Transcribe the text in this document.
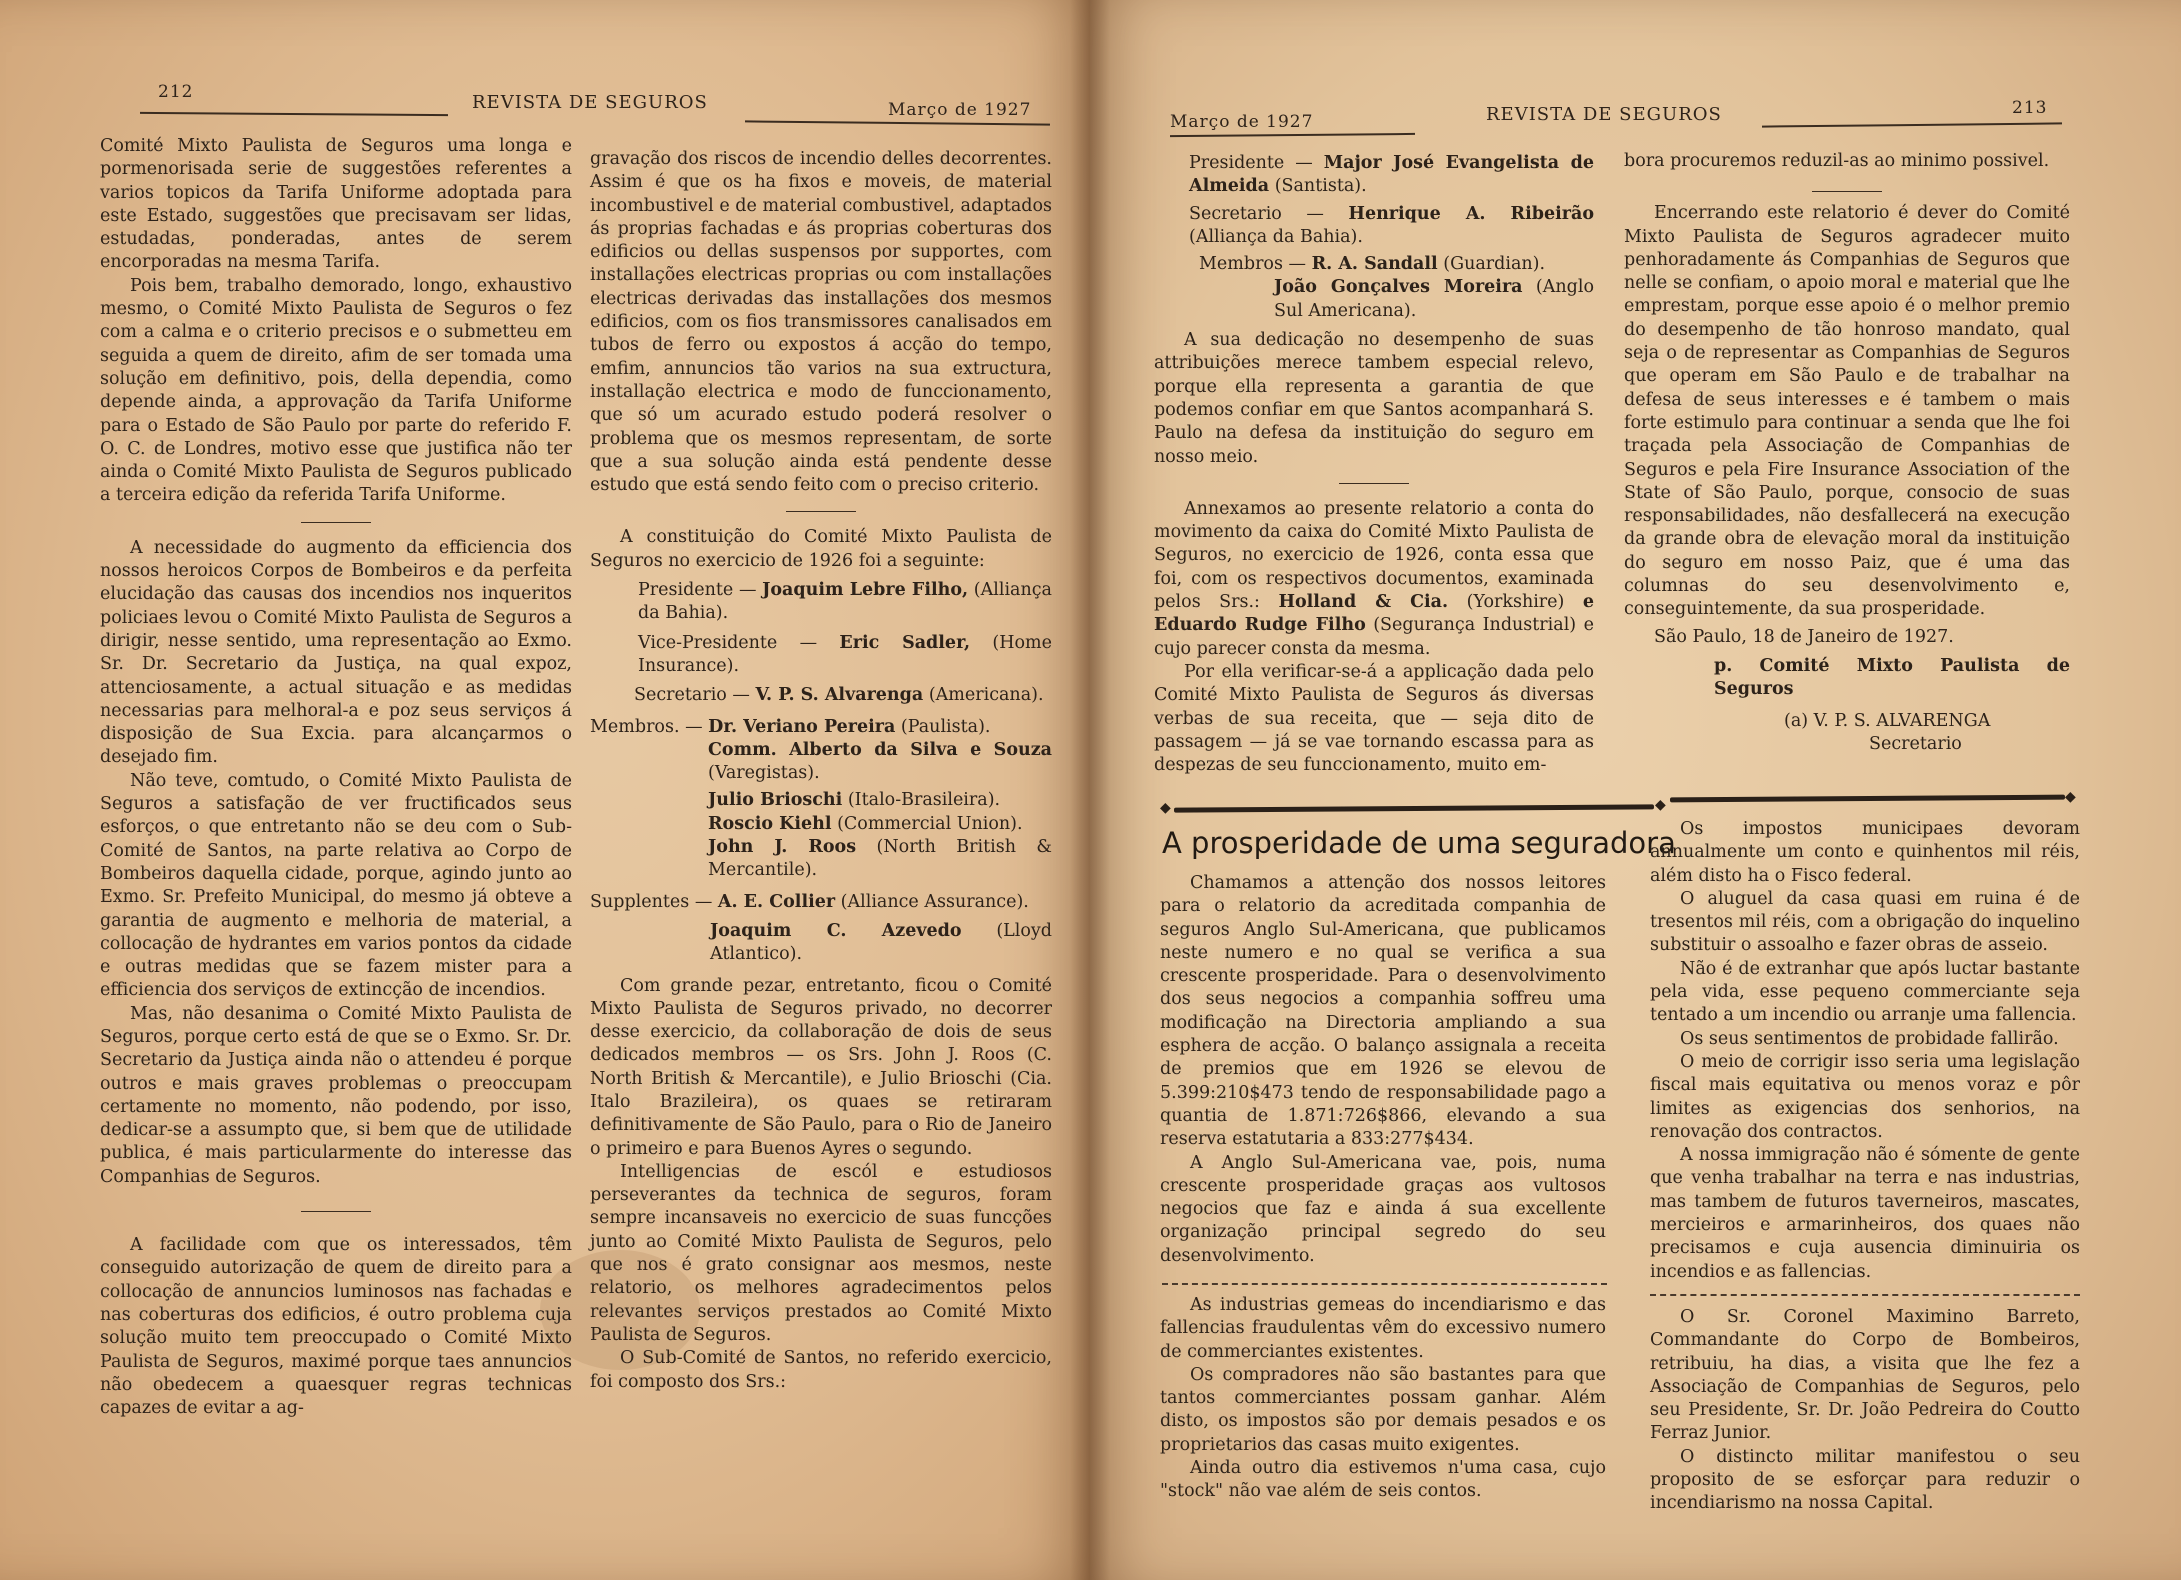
212	REVISTA DE SEGUROS	Março de 1927

Comité Mixto Paulista de Seguros uma longa e pormenorisada serie de suggestões referentes a varios topicos da Tarifa Uniforme adoptada para este Estado, suggestões que precisavam ser lidas, estudadas, ponderadas, antes de serem encorporadas na mesma Tarifa.

Pois bem, trabalho demorado, longo, exhaustivo mesmo, o Comité Mixto Paulista de Seguros o fez com a calma e o criterio precisos e o submetteu em seguida a quem de direito, afim de ser tomada uma solução em definitivo, pois, della dependia, como depende ainda, a approvação da Tarifa Uniforme para o Estado de São Paulo por parte do referido F. O. C. de Londres, motivo esse que justifica não ter ainda o Comité Mixto Paulista de Seguros publicado a terceira edição da referida Tarifa Uniforme.

A necessidade do augmento da efficiencia dos nossos heroicos Corpos de Bombeiros e da perfeita elucidação das causas dos incendios nos inqueritos policiaes levou o Comité Mixto Paulista de Seguros a dirigir, nesse sentido, uma representação ao Exmo. Sr. Dr. Secretario da Justiça, na qual expoz, attenciosamente, a actual situação e as medidas necessarias para melhoral-a e poz seus serviços á disposição de Sua Excia. para alcançarmos o desejado fim.

Não teve, comtudo, o Comité Mixto Paulista de Seguros a satisfação de ver fructificados seus esforços, o que entretanto não se deu com o Sub-Comité de Santos, na parte relativa ao Corpo de Bombeiros daquella cidade, porque, agindo junto ao Exmo. Sr. Prefeito Municipal, do mesmo já obteve a garantia de augmento e melhoria de material, a collocação de hydrantes em varios pontos da cidade e outras medidas que se fazem mister para a efficiencia dos serviços de extincção de incendios.

Mas, não desanima o Comité Mixto Paulista de Seguros, porque certo está de que se o Exmo. Sr. Dr. Secretario da Justiça ainda não o attendeu é porque outros e mais graves problemas o preoccupam certamente no momento, não podendo, por isso, dedicar-se a assumpto que, si bem que de utilidade publica, é mais particularmente do interesse das Companhias de Seguros.

A facilidade com que os interessados, têm conseguido autorização de quem de direito para a collocação de annuncios luminosos nas fachadas e nas coberturas dos edificios, é outro problema cuja solução muito tem preoccupado o Comité Mixto Paulista de Seguros, maximé porque taes annuncios não obedecem a quaesquer regras technicas capazes de evitar a ag-

gravação dos riscos de incendio delles decorrentes. Assim é que os ha fixos e moveis, de material incombustivel e de material combustivel, adaptados ás proprias fachadas e ás proprias coberturas dos edificios ou dellas suspensos por supportes, com installações electricas proprias ou com installações electricas derivadas das installações dos mesmos edificios, com os fios transmissores canalisados em tubos de ferro ou expostos á acção do tempo, emfim, annuncios tão varios na sua extructura, installação electrica e modo de funccionamento, que só um acurado estudo poderá resolver o problema que os mesmos representam, de sorte que a sua solução ainda está pendente desse estudo que está sendo feito com o preciso criterio.

A constituição do Comité Mixto Paulista de Seguros no exercicio de 1926 foi a seguinte:

Presidente — Joaquim Lebre Filho, (Alliança da Bahia).

Vice-Presidente — Eric Sadler, (Home Insurance).

Secretario — V. P. S. Alvarenga (Americana).

Membros. — Dr. Veriano Pereira (Paulista).

Comm. Alberto da Silva e Souza (Varegistas).

Julio Brioschi (Italo-Brasileira).

Roscio Kiehl (Commercial Union).

John J. Roos (North British & Mercantile).

Supplentes — A. E. Collier (Alliance Assurance).

Joaquim C. Azevedo (Lloyd Atlantico).

Com grande pezar, entretanto, ficou o Comité Mixto Paulista de Seguros privado, no decorrer desse exercicio, da collaboração de dois de seus dedicados membros — os Srs. John J. Roos (C. North British & Mercantile), e Julio Brioschi (Cia. Italo Brazileira), os quaes se retiraram definitivamente de São Paulo, para o Rio de Janeiro o primeiro e para Buenos Ayres o segundo.

Intelligencias de escól e estudiosos perseverantes da technica de seguros, foram sempre incansaveis no exercicio de suas funcções junto ao Comité Mixto Paulista de Seguros, pelo que nos é grato consignar aos mesmos, neste relatorio, os melhores agradecimentos pelos relevantes serviços prestados ao Comité Mixto Paulista de Seguros.

O Sub-Comité de Santos, no referido exercicio, foi composto dos Srs.:

Março de 1927	REVISTA DE SEGUROS	213

Presidente — Major José Evangelista de Almeida (Santista).

Secretario — Henrique A. Ribeirão (Alliança da Bahia).

Membros — R. A. Sandall (Guardian).

João Gonçalves Moreira (Anglo Sul Americana).

A sua dedicação no desempenho de suas attribuições merece tambem especial relevo, porque ella representa a garantia de que podemos confiar em que Santos acompanhará S. Paulo na defesa da instituição do seguro em nosso meio.

Annexamos ao presente relatorio a conta do movimento da caixa do Comité Mixto Paulista de Seguros, no exercicio de 1926, conta essa que foi, com os respectivos documentos, examinada pelos Srs.: Holland & Cia. (Yorkshire) e Eduardo Rudge Filho (Segurança Industrial) e cujo parecer consta da mesma.

Por ella verificar-se-á a applicação dada pelo Comité Mixto Paulista de Seguros ás diversas verbas de sua receita, que — seja dito de passagem — já se vae tornando escassa para as despezas de seu funccionamento, muito em-

bora procuremos reduzil-as ao minimo possivel.

Encerrando este relatorio é dever do Comité Mixto Paulista de Seguros agradecer muito penhoradamente ás Companhias de Seguros que nelle se confiam, o apoio moral e material que lhe emprestam, porque esse apoio é o melhor premio do desempenho de tão honroso mandato, qual seja o de representar as Companhias de Seguros que operam em São Paulo e de trabalhar na defesa de seus interesses e é tambem o mais forte estimulo para continuar a senda que lhe foi traçada pela Associação de Companhias de Seguros e pela Fire Insurance Association of the State of São Paulo, porque, consocio de suas responsabilidades, não desfallecerá na execução da grande obra de elevação moral da instituição do seguro em nosso Paiz, que é uma das columnas do seu desenvolvimento e, conseguintemente, da sua prosperidade.

São Paulo, 18 de Janeiro de 1927.

p. Comité Mixto Paulista de Seguros

(a) V. P. S. ALVARENGA

Secretario

◆	◆	◆
A prosperidade de uma seguradora

Chamamos a attenção dos nossos leitores para o relatorio da acreditada companhia de seguros Anglo Sul-Americana, que publicamos neste numero e no qual se verifica a sua crescente prosperidade. Para o desenvolvimento dos seus negocios a companhia soffreu uma modificação na Directoria ampliando a sua esphera de acção. O balanço assignala a receita de premios que em 1926 se elevou de 5.399:210$473 tendo de responsabilidade pago a quantia de 1.871:726$866, elevando a sua reserva estatutaria a 833:277$434.

A Anglo Sul-Americana vae, pois, numa crescente prosperidade graças aos vultosos negocios que faz e ainda á sua excellente organização principal segredo do seu desenvolvimento.

As industrias gemeas do incendiarismo e das fallencias fraudulentas vêm do excessivo numero de commerciantes existentes.

Os compradores não são bastantes para que tantos commerciantes possam ganhar. Além disto, os impostos são por demais pesados e os proprietarios das casas muito exigentes.

Ainda outro dia estivemos n'uma casa, cujo "stock" não vae além de seis contos.

Os impostos municipaes devoram annualmente um conto e quinhentos mil réis, além disto ha o Fisco federal.

O aluguel da casa quasi em ruina é de tresentos mil réis, com a obrigação do inquelino substituir o assoalho e fazer obras de asseio.

Não é de extranhar que após luctar bastante pela vida, esse pequeno commerciante seja tentado a um incendio ou arranje uma fallencia.

Os seus sentimentos de probidade fallirão.

O meio de corrigir isso seria uma legislação fiscal mais equitativa ou menos voraz e pôr limites as exigencias dos senhorios, na renovação dos contractos.

A nossa immigração não é sómente de gente que venha trabalhar na terra e nas industrias, mas tambem de futuros taverneiros, mascates, mercieiros e armarinheiros, dos quaes não precisamos e cuja ausencia diminuiria os incendios e as fallencias.

O Sr. Coronel Maximino Barreto, Commandante do Corpo de Bombeiros, retribuiu, ha dias, a visita que lhe fez a Associação de Companhias de Seguros, pelo seu Presidente, Sr. Dr. João Pedreira do Coutto Ferraz Junior.

O distincto militar manifestou o seu proposito de se esforçar para reduzir o incendiarismo na nossa Capital.
